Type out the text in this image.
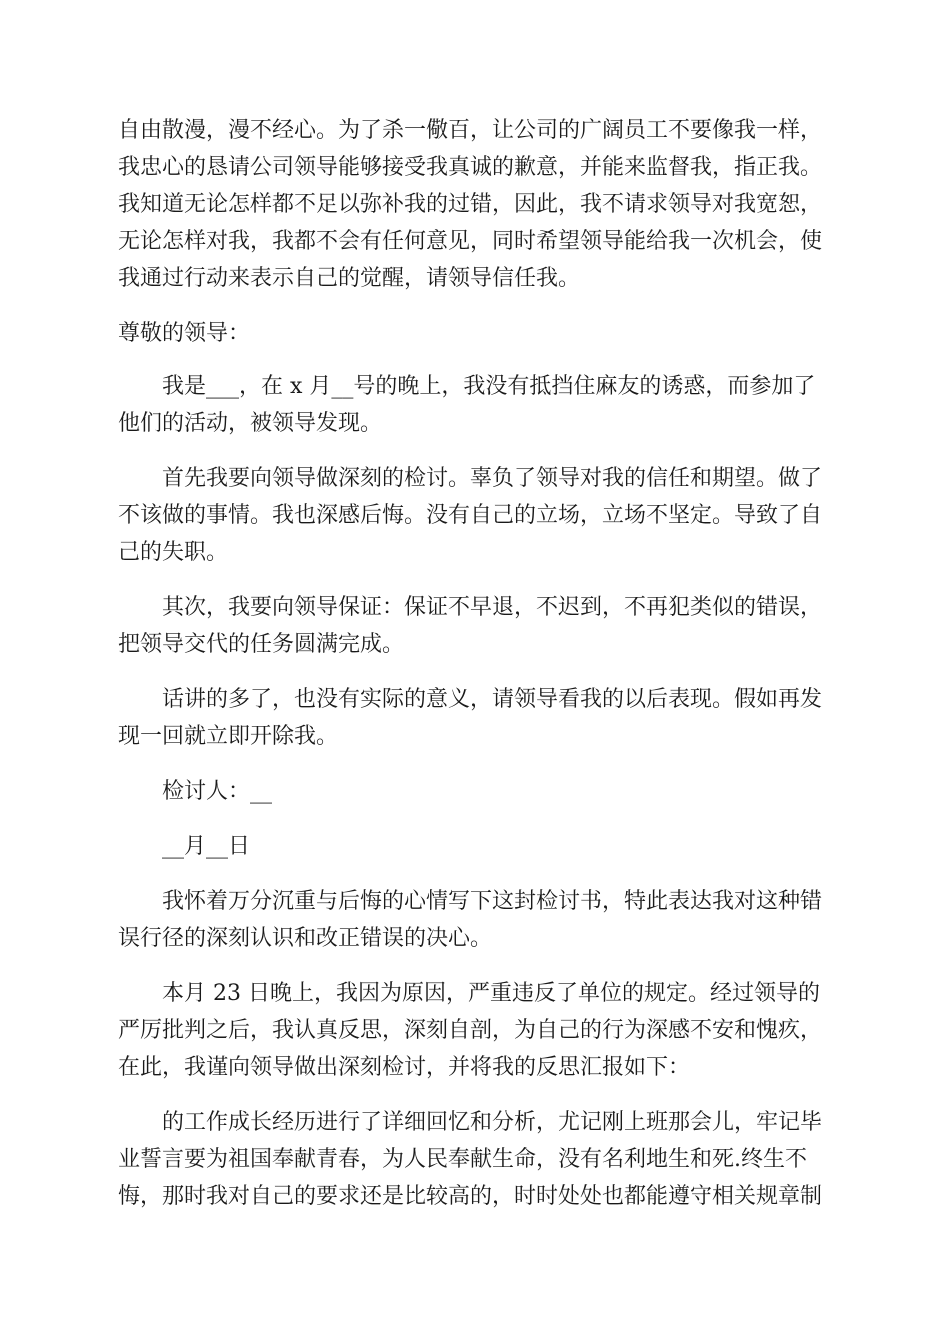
自由散漫，漫不经心。为了杀一儆百，让公司的广阔员工不要像我一样，
我忠心的恳请公司领导能够接受我真诚的歉意，并能来监督我，指正我。
我知道无论怎样都不足以弥补我的过错，因此，我不请求领导对我宽恕，
无论怎样对我，我都不会有任何意见，同时希望领导能给我一次机会，使
我通过行动来表示自己的觉醒，请领导信任我。

尊敬的领导：

我是___，在 x 月__号的晚上，我没有抵挡住麻友的诱惑，而参加了
他们的活动，被领导发现。

首先我要向领导做深刻的检讨。辜负了领导对我的信任和期望。做了
不该做的事情。我也深感后悔。没有自己的立场，立场不坚定。导致了自
己的失职。

其次，我要向领导保证：保证不早退，不迟到，不再犯类似的错误，
把领导交代的任务圆满完成。

话讲的多了，也没有实际的意义，请领导看我的以后表现。假如再发
现一回就立即开除我。

检讨人：__

__月__日

我怀着万分沉重与后悔的心情写下这封检讨书，特此表达我对这种错
误行径的深刻认识和改正错误的决心。

本月 23 日晚上，我因为原因，严重违反了单位的规定。经过领导的
严厉批判之后，我认真反思，深刻自剖，为自己的行为深感不安和愧疚，
在此，我谨向领导做出深刻检讨，并将我的反思汇报如下：

的工作成长经历进行了详细回忆和分析，尤记刚上班那会儿，牢记毕
业誓言要为祖国奉献青春，为人民奉献生命，没有名利地生和死.终生不
悔，那时我对自己的要求还是比较高的，时时处处也都能遵守相关规章制
